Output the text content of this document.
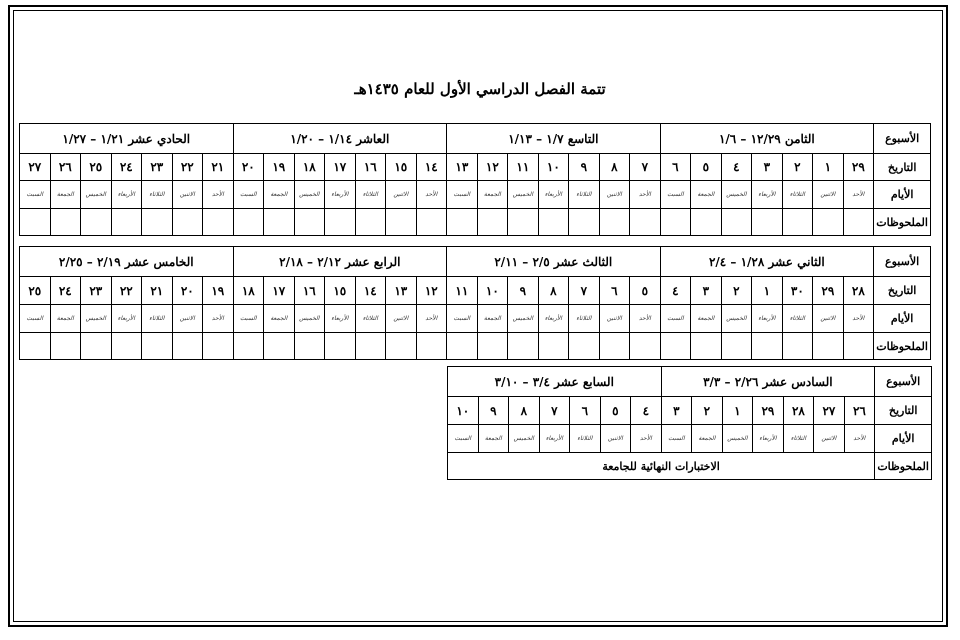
تتمة الفصل الدراسي الأول للعام ١٤٣٥هـ
الأسبوع	الثامن ١٢/٢٩ – ١/٦							التاسع ١/٧ – ١/١٣							العاشر ١/١٤ – ١/٢٠							الحادي عشر ١/٢١ – ١/٢٧						
التاريخ	٢٩	١	٢	٣	٤	٥	٦	٧	٨	٩	١٠	١١	١٢	١٣	١٤	١٥	١٦	١٧	١٨	١٩	٢٠	٢١	٢٢	٢٣	٢٤	٢٥	٢٦	٢٧
الأيام	الأحد	الاثنين	الثلاثاء	الأربعاء	الخميس	الجمعة	السبت	الأحد	الاثنين	الثلاثاء	الأربعاء	الخميس	الجمعة	السبت	الأحد	الاثنين	الثلاثاء	الأربعاء	الخميس	الجمعة	السبت	الأحد	الاثنين	الثلاثاء	الأربعاء	الخميس	الجمعة	السبت
الملحوظات																												
الأسبوع	الثاني عشر ١/٢٨ – ٢/٤							الثالث عشر ٢/٥ – ٢/١١							الرابع عشر ٢/١٢ – ٢/١٨							الخامس عشر ٢/١٩ – ٢/٢٥						
التاريخ	٢٨	٢٩	٣٠	١	٢	٣	٤	٥	٦	٧	٨	٩	١٠	١١	١٢	١٣	١٤	١٥	١٦	١٧	١٨	١٩	٢٠	٢١	٢٢	٢٣	٢٤	٢٥
الأيام	الأحد	الاثنين	الثلاثاء	الأربعاء	الخميس	الجمعة	السبت	الأحد	الاثنين	الثلاثاء	الأربعاء	الخميس	الجمعة	السبت	الأحد	الاثنين	الثلاثاء	الأربعاء	الخميس	الجمعة	السبت	الأحد	الاثنين	الثلاثاء	الأربعاء	الخميس	الجمعة	السبت
الملحوظات																												
الأسبوع	السادس عشر ٢/٢٦ – ٣/٣							السابع عشر ٣/٤ – ٣/١٠						
التاريخ	٢٦	٢٧	٢٨	٢٩	١	٢	٣	٤	٥	٦	٧	٨	٩	١٠
الأيام	الأحد	الاثنين	الثلاثاء	الأربعاء	الخميس	الجمعة	السبت	الأحد	الاثنين	الثلاثاء	الأربعاء	الخميس	الجمعة	السبت
الملحوظات	الاختبارات النهائية للجامعة													
